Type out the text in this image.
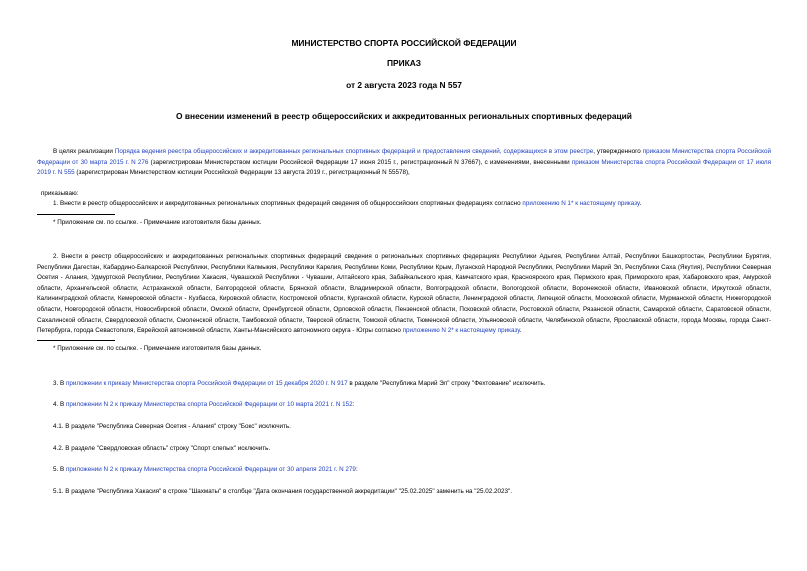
МИНИСТЕРСТВО СПОРТА РОССИЙСКОЙ ФЕДЕРАЦИИ
ПРИКАЗ
от 2 августа 2023 года N 557
О внесении изменений в реестр общероссийских и аккредитованных региональных спортивных федераций

В целях реализации Порядка ведения реестра общероссийских и аккредитованных региональных спортивных федераций и предоставления сведений, содержащихся в этом реестре, утвержденного приказом Министерства спорта Российской Федерации от 30 марта 2015 г. N 276 (зарегистрирован Министерством юстиции Российской Федерации 17 июня 2015 г., регистрационный N 37667), с изменениями, внесенными приказом Министерства спорта Российской Федерации от 17 июля 2019 г. N 555 (зарегистрирован Министерством юстиции Российской Федерации 13 августа 2019 г., регистрационный N 55578),

приказываю:

1. Внести в реестр общероссийских и аккредитованных региональных спортивных федераций сведения об общероссийских спортивных федерациях согласно приложению N 1* к настоящему приказу.

* Приложение см. по ссылке. - Примечание изготовителя базы данных.

2. Внести в реестр общероссийских и аккредитованных региональных спортивных федераций сведения о региональных спортивных федерациях Республики Адыгея, Республики Алтай, Республики Башкортостан, Республики Бурятия, Республики Дагестан, Кабардино-Балкарской Республики, Республики Калмыкия, Республики Карелия, Республики Коми, Республики Крым, Луганской Народной Республики, Республики Марий Эл, Республики Саха (Якутия), Республики Северная Осетия - Алания, Удмуртской Республики, Республики Хакасия, Чувашской Республики - Чувашии, Алтайского края, Забайкальского края, Камчатского края, Красноярского края, Пермского края, Приморского края, Хабаровского края, Амурской области, Архангельской области, Астраханской области, Белгородской области, Брянской области, Владимирской области, Волгоградской области, Вологодской области, Воронежской области, Ивановской области, Иркутской области, Калининградской области, Кемеровской области - Кузбасса, Кировской области, Костромской области, Курганской области, Курской области, Ленинградской области, Липецкой области, Московской области, Мурманской области, Нижегородской области, Новгородской области, Новосибирской области, Омской области, Оренбургской области, Орловской области, Пензенской области, Псковской области, Ростовской области, Рязанской области, Самарской области, Саратовской области, Сахалинской области, Свердловской области, Смоленской области, Тамбовской области, Тверской области, Томской области, Тюменской области, Ульяновской области, Челябинской области, Ярославской области, города Москвы, города Санкт-Петербурга, города Севастополя, Еврейской автономной области, Ханты-Мансийского автономного округа - Югры согласно приложению N 2* к настоящему приказу.

* Приложение см. по ссылке. - Примечание изготовителя базы данных.

3. В приложении к приказу Министерства спорта Российской Федерации от 15 декабря 2020 г. N 917 в разделе "Республика Марий Эл" строку "Фехтование" исключить.

4. В приложении N 2 к приказу Министерства спорта Российской Федерации от 10 марта 2021 г. N 152:

4.1. В разделе "Республика Северная Осетия - Алания" строку "Бокс" исключить.

4.2. В разделе "Свердловская область" строку "Спорт слепых" исключить.

5. В приложении N 2 к приказу Министерства спорта Российской Федерации от 30 апреля 2021 г. N 279:

5.1. В разделе "Республика Хакасия" в строке "Шахматы" в столбце "Дата окончания государственной аккредитации" "25.02.2025" заменить на "25.02.2023".
